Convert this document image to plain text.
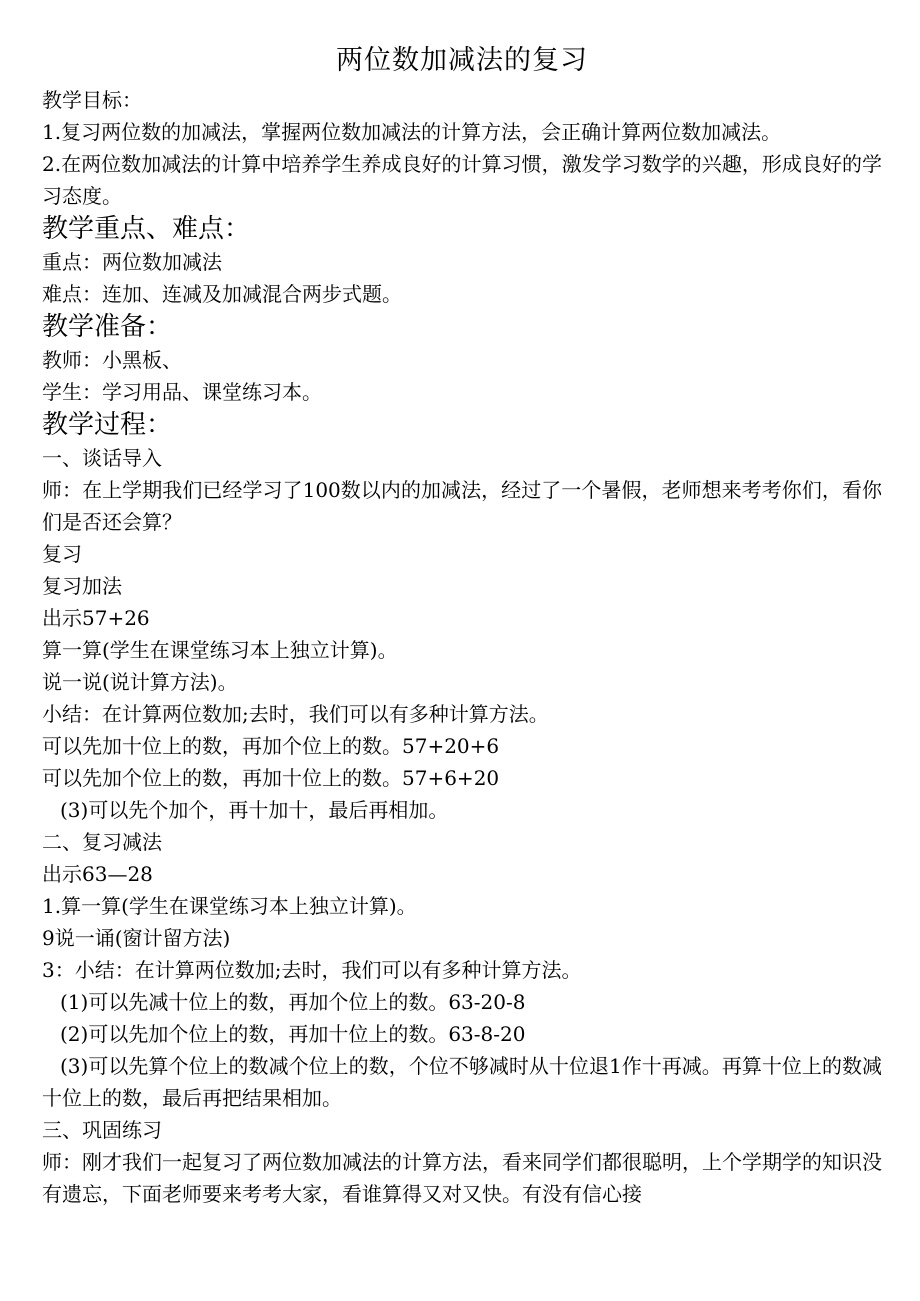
两位数加减法的复习

教学目标：

1.复习两位数的加减法，掌握两位数加减法的计算方法，会正确计算两位数加减法。

2.在两位数加减法的计算中培养学生养成良好的计算习惯，激发学习数学的兴趣，形成良好的学习态度。

教学重点、难点：

重点：两位数加减法

难点：连加、连减及加减混合两步式题。

教学准备：

教师：小黑板、

学生：学习用品、课堂练习本。

教学过程：

一、谈话导入

师：在上学期我们已经学习了100数以内的加减法，经过了一个暑假，老师想来考考你们，看你们是否还会算？

复习

复习加法

出示57+26

算一算(学生在课堂练习本上独立计算)。

说一说(说计算方法)。

小结：在计算两位数加;去时，我们可以有多种计算方法。

可以先加十位上的数，再加个位上的数。57+20+6

可以先加个位上的数，再加十位上的数。57+6+20

(3)可以先个加个，再十加十，最后再相加。

二、复习减法

出示63—28

1.算一算(学生在课堂练习本上独立计算)。

9说一诵(窗计留方法)

3：小结：在计算两位数加;去时，我们可以有多种计算方法。

(1)可以先减十位上的数，再加个位上的数。63-20-8

(2)可以先加个位上的数，再加十位上的数。63-8-20

(3)可以先算个位上的数减个位上的数，个位不够减时从十位退1作十再减。再算十位上的数减十位上的数，最后再把结果相加。

三、巩固练习

师：刚才我们一起复习了两位数加减法的计算方法，看来同学们都很聪明，上个学期学的知识没有遗忘，下面老师要来考考大家，看谁算得又对又快。有没有信心接
